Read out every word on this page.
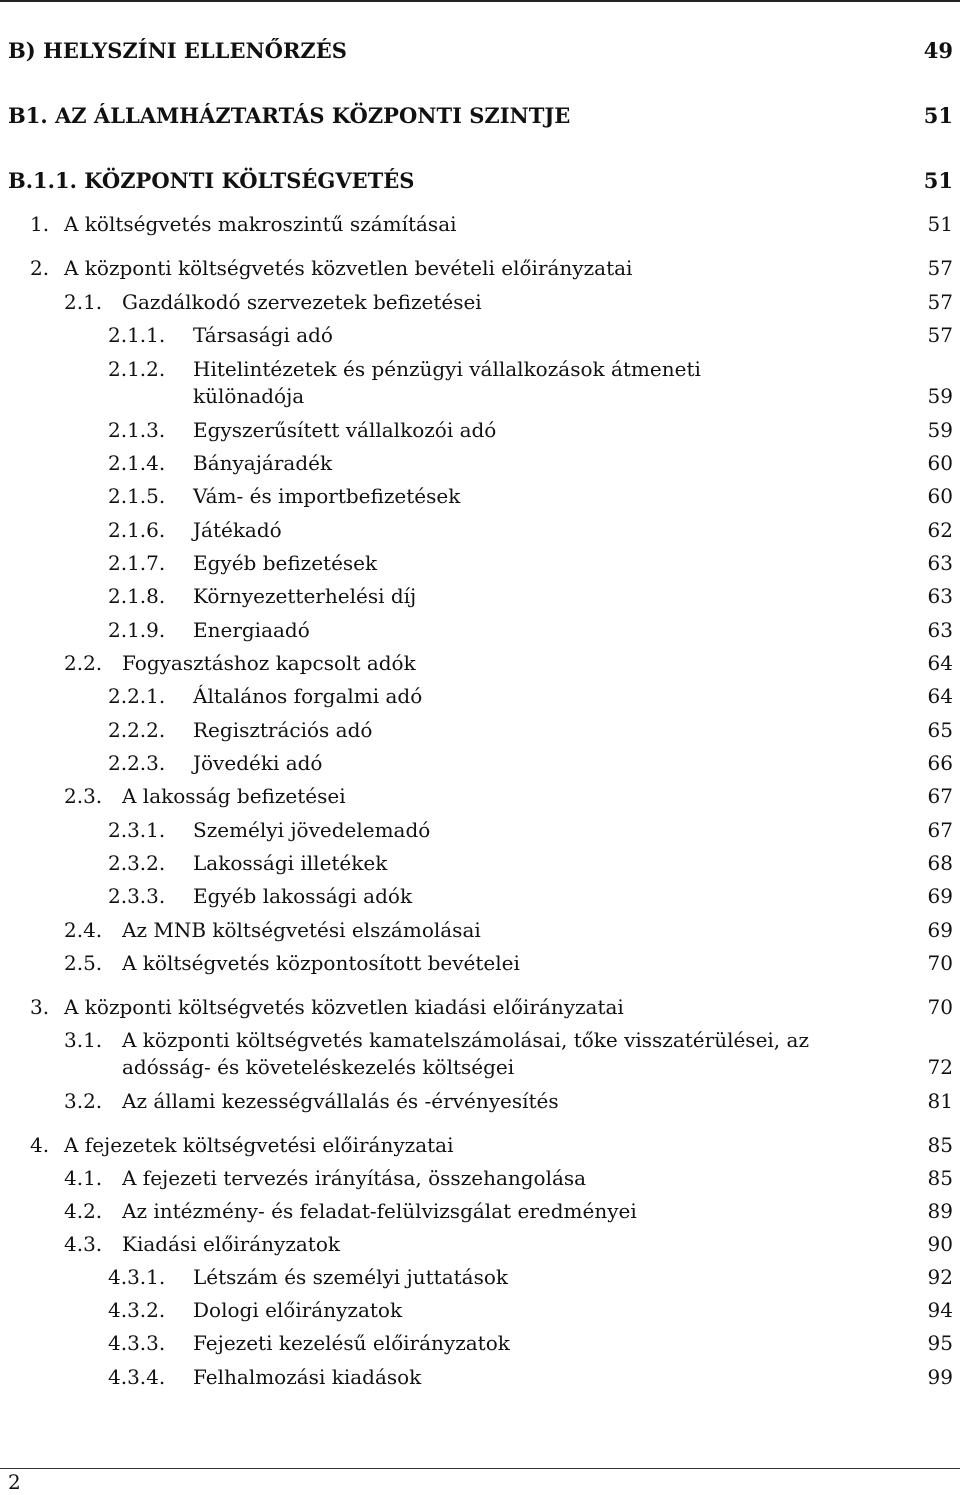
B) HELYSZÍNI ELLENŐRZÉS	49
B1. AZ ÁLLAMHÁZTARTÁS KÖZPONTI SZINTJE	51
B.1.1. KÖZPONTI KÖLTSÉGVETÉS	51
1. A költségvetés makroszintű számításai	51
2. A központi költségvetés közvetlen bevételi előirányzatai	57
2.1. Gazdálkodó szervezetek befizetései	57
2.1.1. Társasági adó	57
2.1.2. Hitelintézetek és pénzügyi vállalkozások átmeneti
különadója	59
2.1.3. Egyszerűsített vállalkozói adó	59
2.1.4. Bányajáradék	60
2.1.5. Vám- és importbefizetések	60
2.1.6. Játékadó	62
2.1.7. Egyéb befizetések	63
2.1.8. Környezetterhelési díj	63
2.1.9. Energiaadó	63
2.2. Fogyasztáshoz kapcsolt adók	64
2.2.1. Általános forgalmi adó	64
2.2.2. Regisztrációs adó	65
2.2.3. Jövedéki adó	66
2.3. A lakosság befizetései	67
2.3.1. Személyi jövedelemadó	67
2.3.2. Lakossági illetékek	68
2.3.3. Egyéb lakossági adók	69
2.4. Az MNB költségvetési elszámolásai	69
2.5. A költségvetés központosított bevételei	70
3. A központi költségvetés közvetlen kiadási előirányzatai	70
3.1. A központi költségvetés kamatelszámolásai, tőke visszatérülései, az
adósság- és követeléskezelés költségei	72
3.2. Az állami kezességvállalás és -érvényesítés	81
4. A fejezetek költségvetési előirányzatai	85
4.1. A fejezeti tervezés irányítása, összehangolása	85
4.2. Az intézmény- és feladat-felülvizsgálat eredményei	89
4.3. Kiadási előirányzatok	90
4.3.1. Létszám és személyi juttatások	92
4.3.2. Dologi előirányzatok	94
4.3.3. Fejezeti kezelésű előirányzatok	95
4.3.4. Felhalmozási kiadások	99
2
